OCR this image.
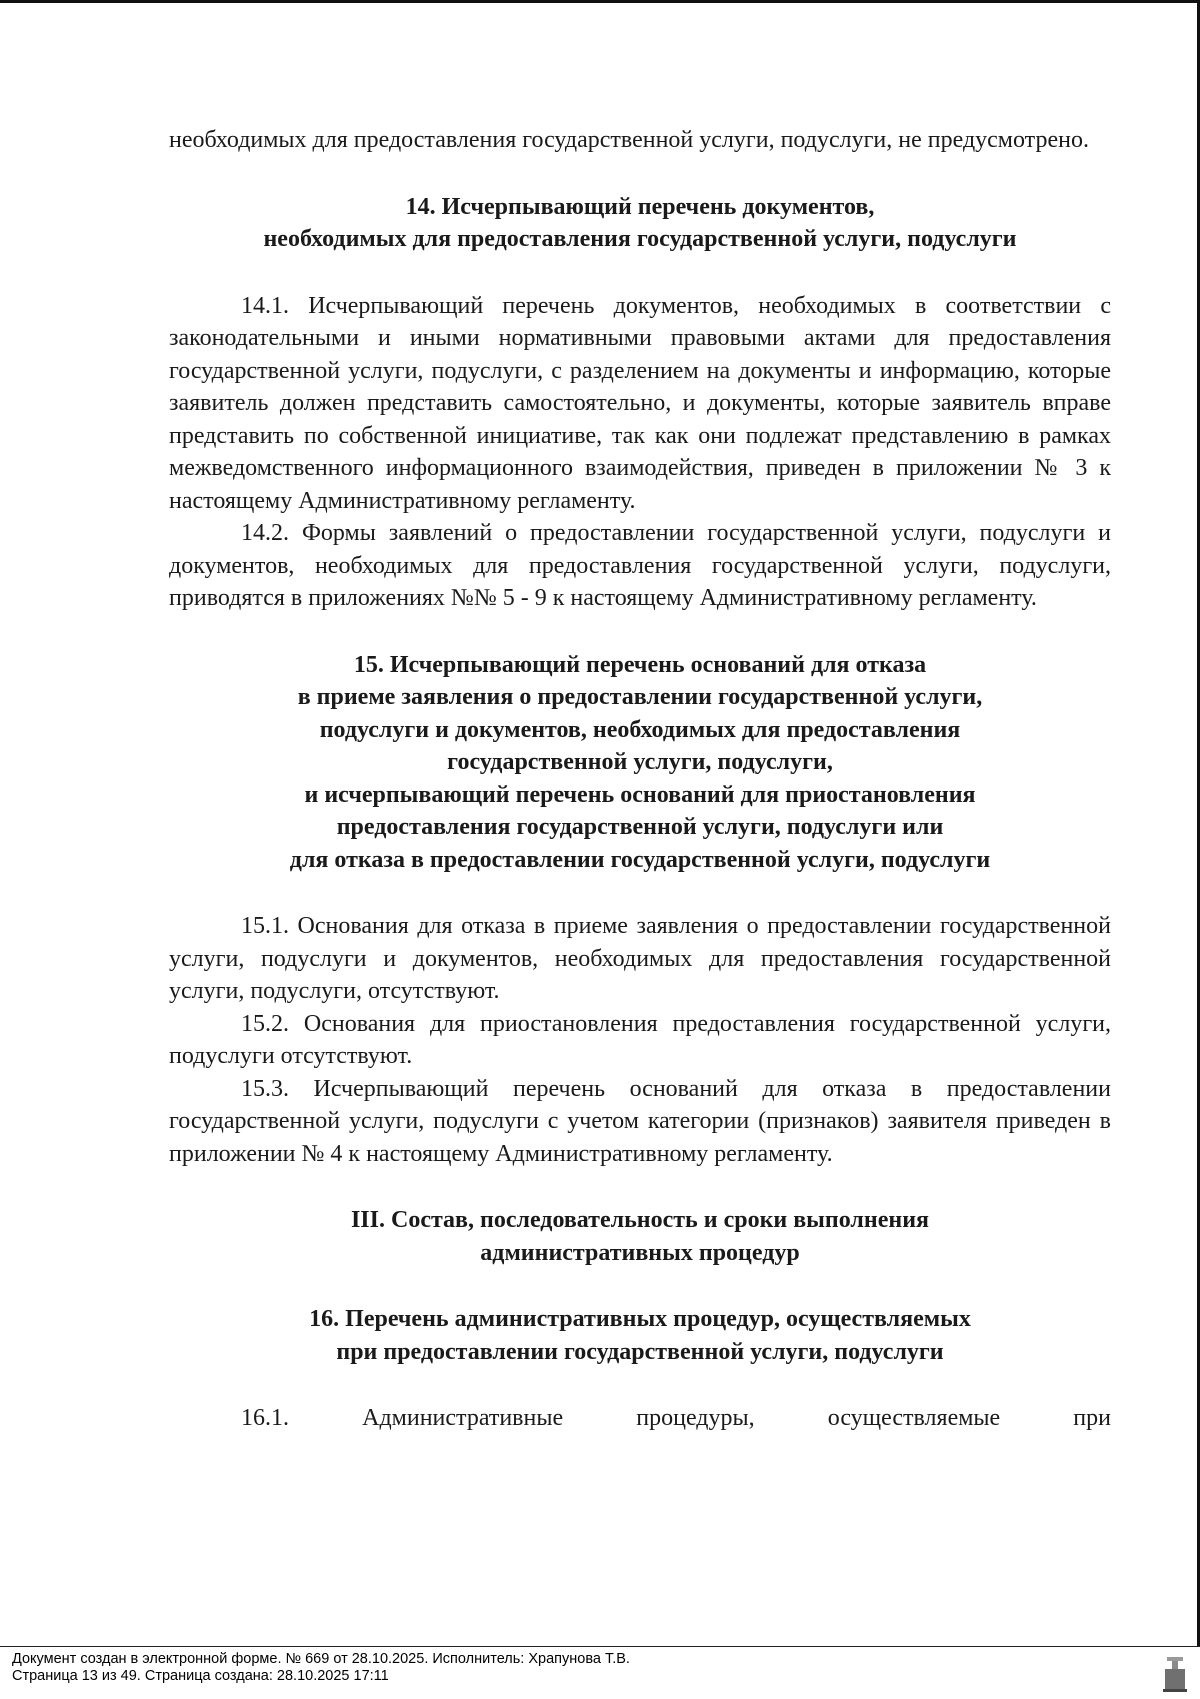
необходимых для предоставления государственной услуги, подуслуги, не предусмотрено.

14. Исчерпывающий перечень документов,
необходимых для предоставления государственной услуги, подуслуги

14.1. Исчерпывающий перечень документов, необходимых в соответствии с законодательными и иными нормативными правовыми актами для предоставления государственной услуги, подуслуги, с разделением на документы и информацию, которые заявитель должен представить самостоятельно, и документы, которые заявитель вправе представить по собственной инициативе, так как они подлежат представлению в рамках межведомственного информационного взаимодействия, приведен в приложении № 3 к настоящему Административному регламенту.

14.2. Формы заявлений о предоставлении государственной услуги, подуслуги и документов, необходимых для предоставления государственной услуги, подуслуги, приводятся в приложениях №№ 5 - 9 к настоящему Административному регламенту.

15. Исчерпывающий перечень оснований для отказа
в приеме заявления о предоставлении государственной услуги,
подуслуги и документов, необходимых для предоставления
государственной услуги, подуслуги,
и исчерпывающий перечень оснований для приостановления
предоставления государственной услуги, подуслуги или
для отказа в предоставлении государственной услуги, подуслуги

15.1. Основания для отказа в приеме заявления о предоставлении государственной услуги, подуслуги и документов, необходимых для предоставления государственной услуги, подуслуги, отсутствуют.

15.2. Основания для приостановления предоставления государственной услуги, подуслуги отсутствуют.

15.3. Исчерпывающий перечень оснований для отказа в предоставлении государственной услуги, подуслуги с учетом категории (признаков) заявителя приведен в приложении № 4 к настоящему Административному регламенту.

III. Состав, последовательность и сроки выполнения
административных процедур
16. Перечень административных процедур, осуществляемых
при предоставлении государственной услуги, подуслуги

16.1. Административные процедуры, осуществляемые при

Документ создан в электронной форме. № 669 от 28.10.2025. Исполнитель: Храпунова Т.В.
Страница 13 из 49. Страница создана: 28.10.2025 17:11
